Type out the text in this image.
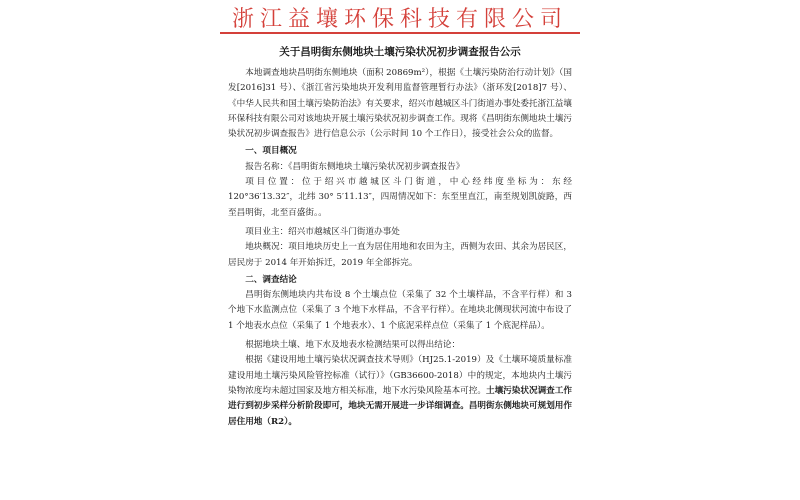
浙江益壤环保科技有限公司
关于昌明街东侧地块土壤污染状况初步调查报告公示

本地调查地块昌明街东侧地块（面积 20869m²），根据《土壤污染防治行动计划》（国发[2016]31 号）、《浙江省污染地块开发利用监督管理暂行办法》（浙环发[2018]7 号）、《中华人民共和国土壤污染防治法》有关要求，绍兴市越城区斗门街道办事处委托浙江益壤环保科技有限公司对该地块开展土壤污染状况初步调查工作。现将《昌明街东侧地块土壤污染状况初步调查报告》进行信息公示（公示时间 10 个工作日），接受社会公众的监督。

一、项目概况

报告名称：《昌明街东侧地块土壤污染状况初步调查报告》

项目位置：位于绍兴市越城区斗门街道，中心经纬度坐标为：东经　120°36′13.32″，北纬 30° 5′11.13″，四周情况如下：东至里直江，南至规划凯旋路，西至昌明街，北至百盛街。。

项目业主：绍兴市越城区斗门街道办事处

地块概况：项目地块历史上一直为居住用地和农田为主，西侧为农田、其余为居民区，居民房于 2014 年开始拆迁，2019 年全部拆完。

二、调查结论

昌明街东侧地块内共布设 8 个土壤点位（采集了 32 个土壤样品，不含平行样）和 3 个地下水监测点位（采集了 3 个地下水样品，不含平行样）。在地块北侧现状河流中布设了 1 个地表水点位（采集了 1 个地表水）、1 个底泥采样点位（采集了 1 个底泥样品）。

根据地块土壤、地下水及地表水检测结果可以得出结论：

根据《建设用地土壤污染状况调查技术导则》（HJ25.1-2019）及《土壤环境质量标准　建设用地土壤污染风险管控标准（试行）》（GB36600-2018）中的规定，本地块内土壤污染物浓度均未超过国家及地方相关标准，地下水污染风险基本可控。土壤污染状况调查工作进行到初步采样分析阶段即可，地块无需开展进一步详细调查。昌明街东侧地块可规划用作居住用地（R2）。
